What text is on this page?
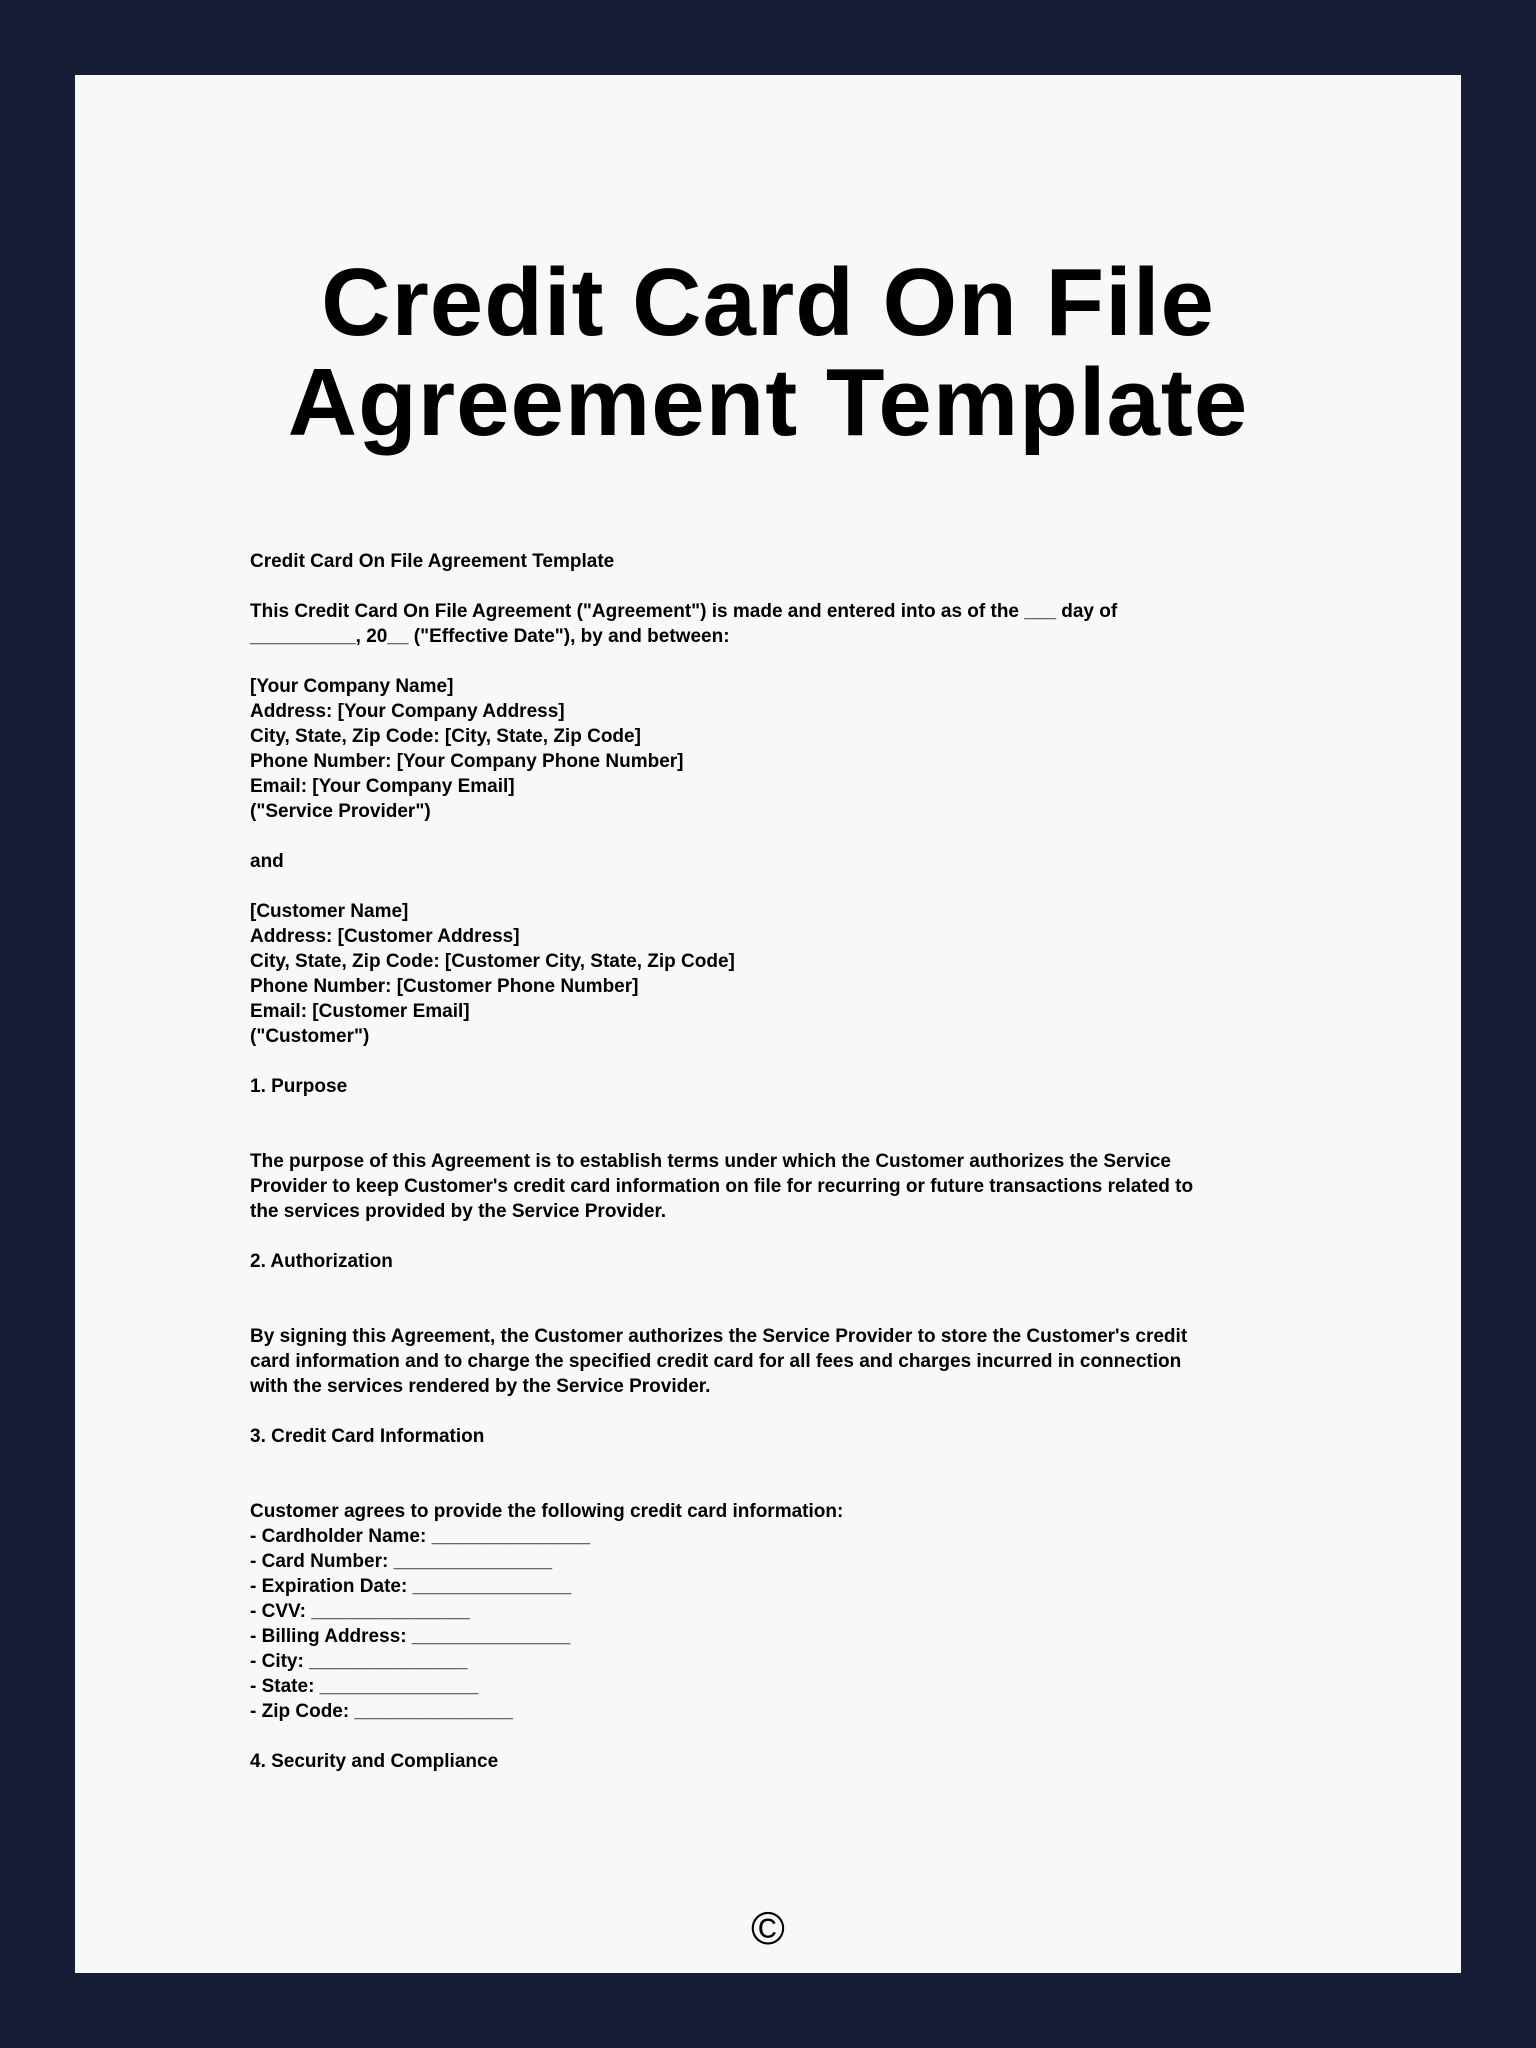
Credit Card On File
Agreement Template
Credit Card On File Agreement Template
This Credit Card On File Agreement ("Agreement") is made and entered into as of the ___ day of
__________, 20__ ("Effective Date"), by and between:
[Your Company Name]
Address: [Your Company Address]
City, State, Zip Code: [City, State, Zip Code]
Phone Number: [Your Company Phone Number]
Email: [Your Company Email]
("Service Provider")
and
[Customer Name]
Address: [Customer Address]
City, State, Zip Code: [Customer City, State, Zip Code]
Phone Number: [Customer Phone Number]
Email: [Customer Email]
("Customer")
1. Purpose
The purpose of this Agreement is to establish terms under which the Customer authorizes the Service
Provider to keep Customer's credit card information on file for recurring or future transactions related to
the services provided by the Service Provider.
2. Authorization
By signing this Agreement, the Customer authorizes the Service Provider to store the Customer's credit
card information and to charge the specified credit card for all fees and charges incurred in connection
with the services rendered by the Service Provider.
3. Credit Card Information
Customer agrees to provide the following credit card information:
- Cardholder Name: _______________
- Card Number: _______________
- Expiration Date: _______________
- CVV: _______________
- Billing Address: _______________
- City: _______________
- State: _______________
- Zip Code: _______________
4. Security and Compliance
©
